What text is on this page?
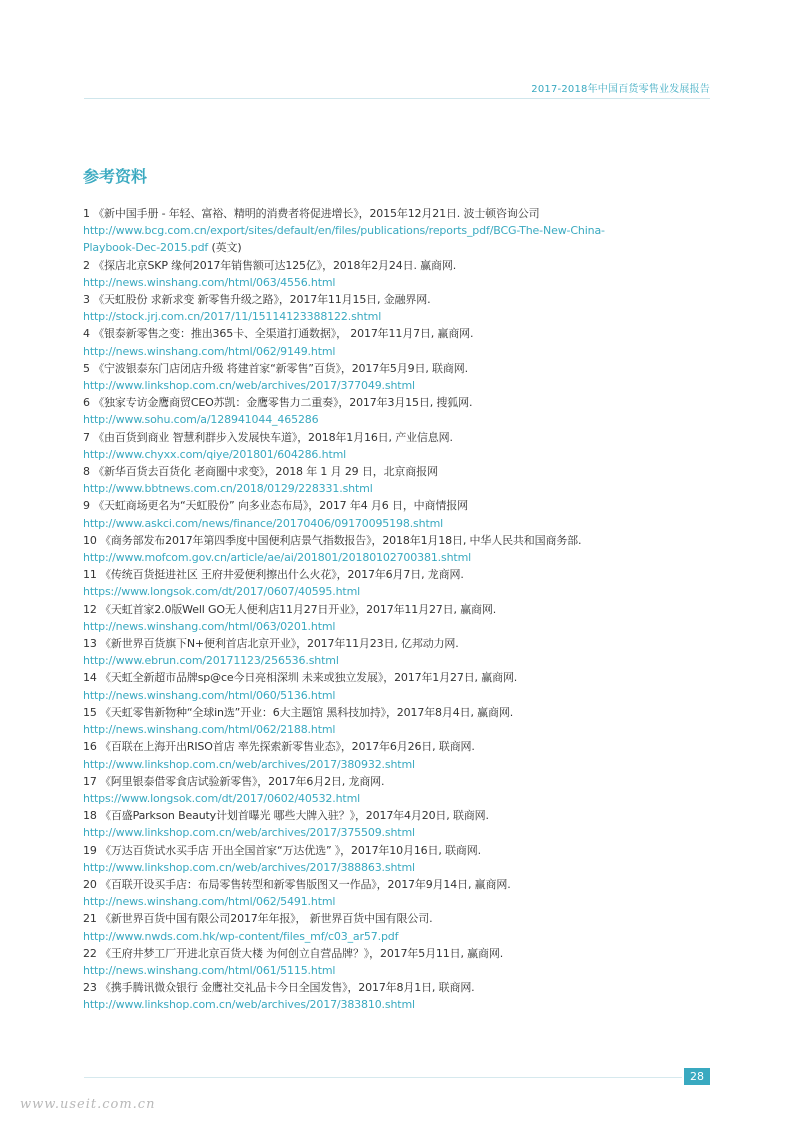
2017-2018年中国百货零售业发展报告
参考资料
1 《新中国手册 - 年轻、富裕、精明的消费者将促进增长》，2015年12月21日. 波士顿咨询公司
http://www.bcg.com.cn/export/sites/default/en/files/publications/reports_pdf/BCG-The-New-China-
Playbook-Dec-2015.pdf (英文)
2 《探店北京SKP 缘何2017年销售额可达125亿》，2018年2月24日. 赢商网.
http://news.winshang.com/html/063/4556.html
3 《天虹股份 求新求变 新零售升级之路》，2017年11月15日, 金融界网.
http://stock.jrj.com.cn/2017/11/15114123388122.shtml
4 《银泰新零售之变：推出365卡、全渠道打通数据》， 2017年11月7日, 赢商网.
http://news.winshang.com/html/062/9149.html
5 《宁波银泰东门店闭店升级 将建首家“新零售”百货》，2017年5月9日, 联商网.
http://www.linkshop.com.cn/web/archives/2017/377049.shtml
6 《独家专访金鹰商贸CEO苏凯：金鹰零售力二重奏》，2017年3月15日, 搜狐网.
http://www.sohu.com/a/128941044_465286
7 《由百货到商业 智慧利群步入发展快车道》，2018年1月16日, 产业信息网.
http://www.chyxx.com/qiye/201801/604286.html
8 《新华百货去百货化 老商圈中求变》，2018 年 1 月 29 日，北京商报网
http://www.bbtnews.com.cn/2018/0129/228331.shtml
9 《天虹商场更名为“天虹股份” 向多业态布局》，2017 年4 月6 日，中商情报网
http://www.askci.com/news/finance/20170406/09170095198.shtml
10 《商务部发布2017年第四季度中国便利店景气指数报告》，2018年1月18日, 中华人民共和国商务部.
http://www.mofcom.gov.cn/article/ae/ai/201801/20180102700381.shtml
11 《传统百货挺进社区 王府井爱便利擦出什么火花》，2017年6月7日, 龙商网.
https://www.longsok.com/dt/2017/0607/40595.html
12 《天虹首家2.0版Well GO无人便利店11月27日开业》，2017年11月27日, 赢商网.
http://news.winshang.com/html/063/0201.html
13 《新世界百货旗下N+便利首店北京开业》，2017年11月23日, 亿邦动力网.
http://www.ebrun.com/20171123/256536.shtml
14 《天虹全新超市品牌sp@ce今日亮相深圳 未来或独立发展》，2017年1月27日, 赢商网.
http://news.winshang.com/html/060/5136.html
15 《天虹零售新物种“全球in选”开业：6大主题馆 黑科技加持》，2017年8月4日, 赢商网.
http://news.winshang.com/html/062/2188.html
16 《百联在上海开出RISO首店 率先探索新零售业态》，2017年6月26日, 联商网.
http://www.linkshop.com.cn/web/archives/2017/380932.shtml
17 《阿里银泰借零食店试验新零售》，2017年6月2日, 龙商网.
https://www.longsok.com/dt/2017/0602/40532.html
18 《百盛Parkson Beauty计划首曝光 哪些大牌入驻？》，2017年4月20日, 联商网.
http://www.linkshop.com.cn/web/archives/2017/375509.shtml
19 《万达百货试水买手店 开出全国首家“万达优选” 》，2017年10月16日, 联商网.
http://www.linkshop.com.cn/web/archives/2017/388863.shtml
20 《百联开设买手店：布局零售转型和新零售版图又一作品》，2017年9月14日, 赢商网.
http://news.winshang.com/html/062/5491.html
21 《新世界百货中国有限公司2017年年报》， 新世界百货中国有限公司.
http://www.nwds.com.hk/wp-content/files_mf/c03_ar57.pdf
22 《王府井梦工厂开进北京百货大楼 为何创立自营品牌？》，2017年5月11日, 赢商网.
http://news.winshang.com/html/061/5115.html
23 《携手腾讯微众银行 金鹰社交礼品卡今日全国发售》，2017年8月1日, 联商网.
http://www.linkshop.com.cn/web/archives/2017/383810.shtml
28
www.useit.com.cn
